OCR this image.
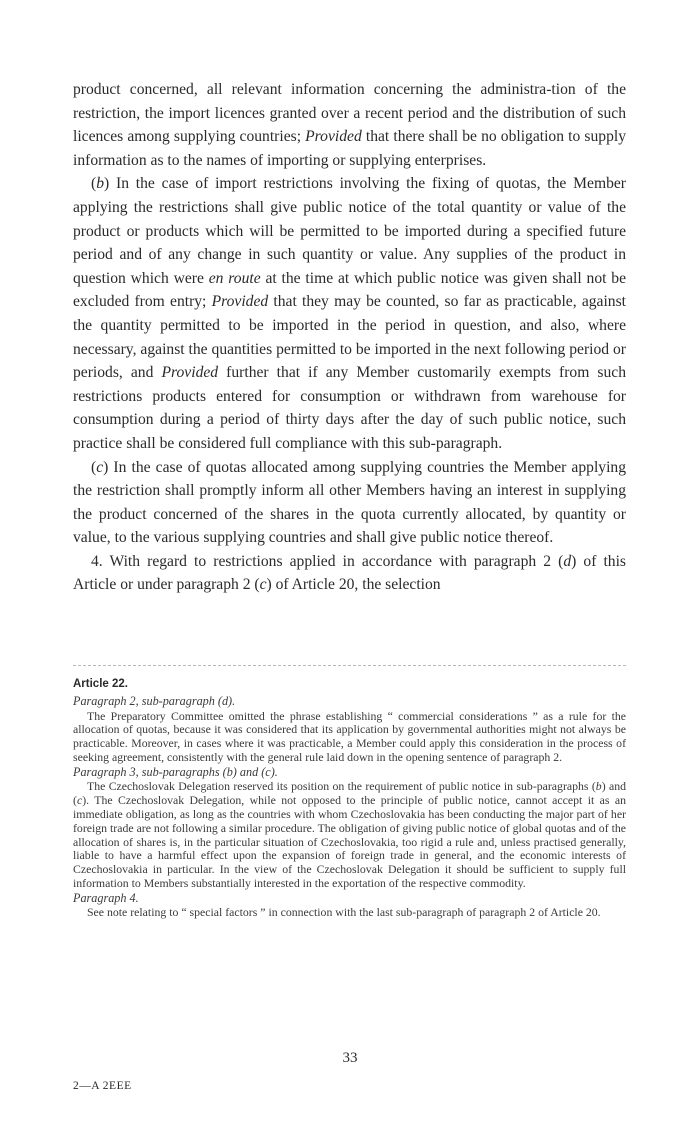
product concerned, all relevant information concerning the administra-tion of the restriction, the import licences granted over a recent period and the distribution of such licences among supplying countries; Provided that there shall be no obligation to supply information as to the names of importing or supplying enterprises.

(b) In the case of import restrictions involving the fixing of quotas, the Member applying the restrictions shall give public notice of the total quantity or value of the product or products which will be permitted to be imported during a specified future period and of any change in such quantity or value. Any supplies of the product in question which were en route at the time at which public notice was given shall not be excluded from entry; Provided that they may be counted, so far as practicable, against the quantity permitted to be imported in the period in question, and also, where necessary, against the quantities permitted to be imported in the next following period or periods, and Provided further that if any Member customarily exempts from such restrictions products entered for consumption or withdrawn from warehouse for consumption during a period of thirty days after the day of such public notice, such practice shall be considered full compliance with this sub-paragraph.

(c) In the case of quotas allocated among supplying countries the Member applying the restriction shall promptly inform all other Members having an interest in supplying the product concerned of the shares in the quota currently allocated, by quantity or value, to the various supplying countries and shall give public notice thereof.

4. With regard to restrictions applied in accordance with paragraph 2 (d) of this Article or under paragraph 2 (c) of Article 20, the selection

Article 22.
Paragraph 2, sub-paragraph (d).

The Preparatory Committee omitted the phrase establishing “ commercial considerations ” as a rule for the allocation of quotas, because it was considered that its application by governmental authorities might not always be practicable. Moreover, in cases where it was practicable, a Member could apply this consideration in the process of seeking agreement, consistently with the general rule laid down in the opening sentence of paragraph 2.

Paragraph 3, sub-paragraphs (b) and (c).

The Czechoslovak Delegation reserved its position on the requirement of public notice in sub-paragraphs (b) and (c). The Czechoslovak Delegation, while not opposed to the principle of public notice, cannot accept it as an immediate obligation, as long as the countries with whom Czechoslovakia has been conducting the major part of her foreign trade are not following a similar procedure. The obligation of giving public notice of global quotas and of the allocation of shares is, in the particular situation of Czechoslovakia, too rigid a rule and, unless practised generally, liable to have a harmful effect upon the expansion of foreign trade in general, and the economic interests of Czechoslovakia in particular. In the view of the Czechoslovak Delegation it should be sufficient to supply full information to Members substantially interested in the exportation of the respective commodity.

Paragraph 4.

See note relating to “ special factors ” in connection with the last sub-paragraph of paragraph 2 of Article 20.

33
2—A 2EEE
